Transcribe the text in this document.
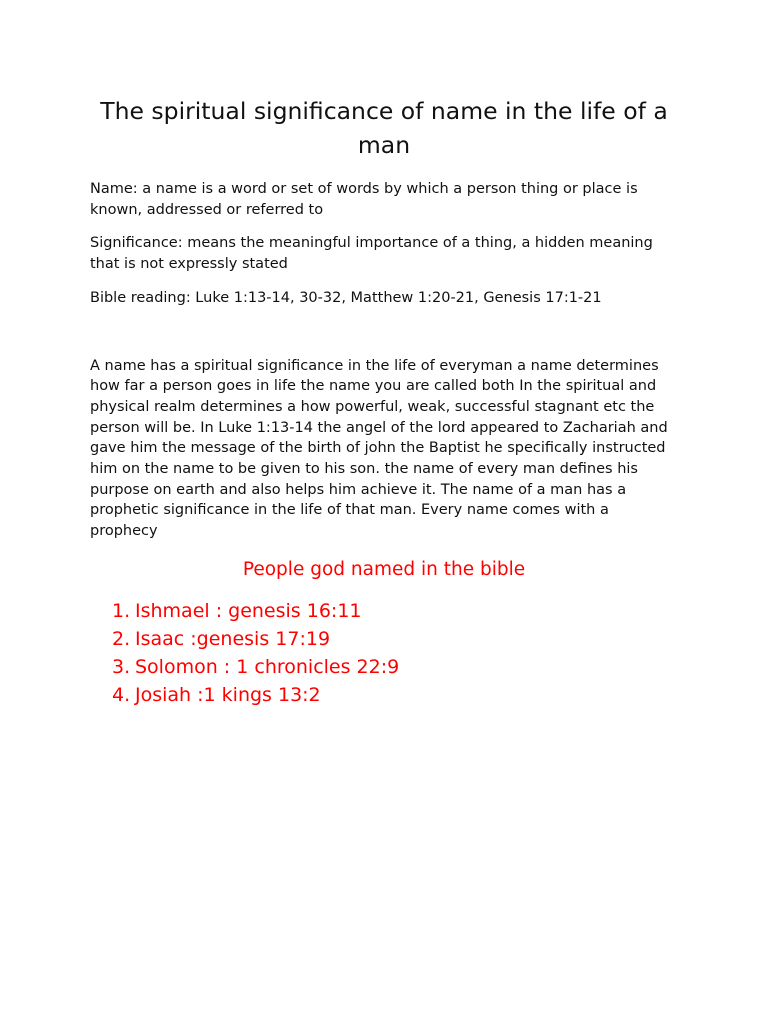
The spiritual significance of name in the life of a man

Name: a name is a word or set of words by which a person thing or place is known, addressed or referred to

Significance: means the meaningful importance of a thing, a hidden meaning that is not expressly stated

Bible reading: Luke 1:13-14, 30-32, Matthew 1:20-21, Genesis 17:1-21

A name has a spiritual significance in the life of everyman a name determines how far a person goes in life the name you are called both In the spiritual and physical realm determines a how powerful, weak, successful stagnant etc the person will be. In Luke 1:13-14 the angel of the lord appeared to Zachariah and gave him the message of the birth of john the Baptist he specifically instructed him on the name to be given to his son. the name of every man defines his purpose on earth and also helps him achieve it. The name of a man has a prophetic significance in the life of that man. Every name comes with a prophecy

People god named in the bible
1. Ishmael : genesis 16:11
2. Isaac :genesis 17:19
3. Solomon : 1 chronicles 22:9
4. Josiah :1 kings 13:2
